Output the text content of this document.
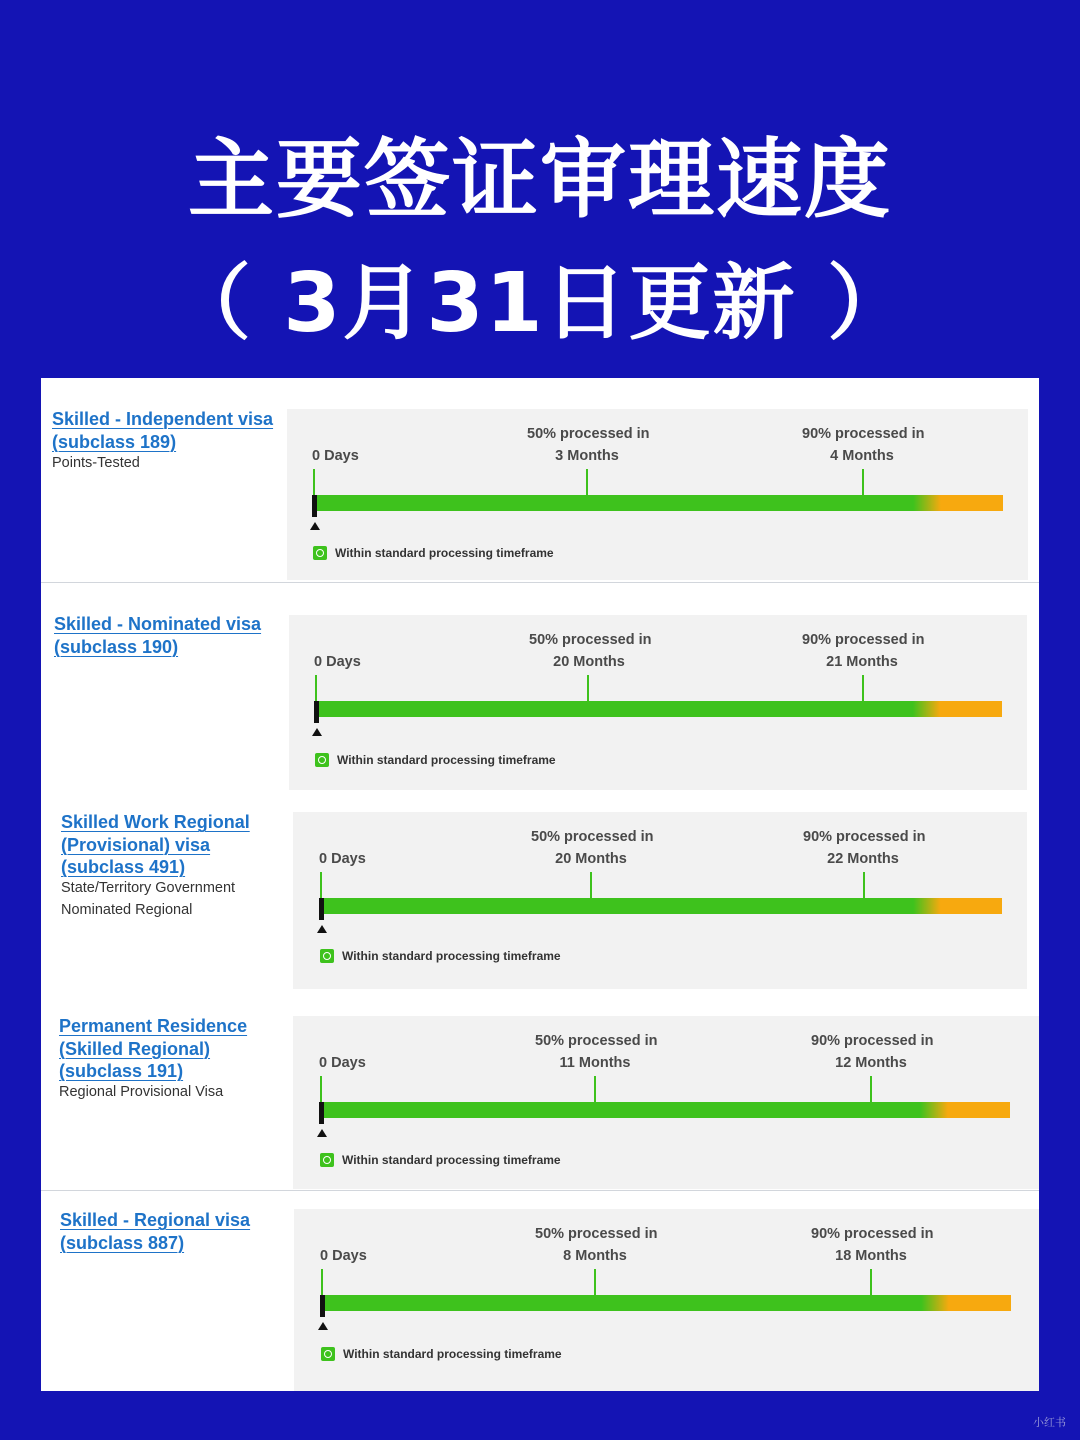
主要签证审理速度
（ 3月31日更新 ）
Skilled - Independent visa
(subclass 189)
Points-Tested
50% processed in
3 Months
90% processed in
4 Months
0 Days
Within standard processing timeframe
Skilled - Nominated visa
(subclass 190)	50% processed in
20 Months
90% processed in
21 Months
0 Days
Within standard processing timeframe
Skilled Work Regional
(Provisional) visa
(subclass 491)
State/Territory Government
Nominated Regional
50% processed in
20 Months
90% processed in
22 Months
0 Days
Within standard processing timeframe
Permanent Residence
(Skilled Regional)
(subclass 191)
Regional Provisional Visa
50% processed in
11 Months
90% processed in
12 Months
0 Days
Within standard processing timeframe
Skilled - Regional visa
(subclass 887)	50% processed in
8 Months
90% processed in
18 Months
0 Days
Within standard processing timeframe
小红书
